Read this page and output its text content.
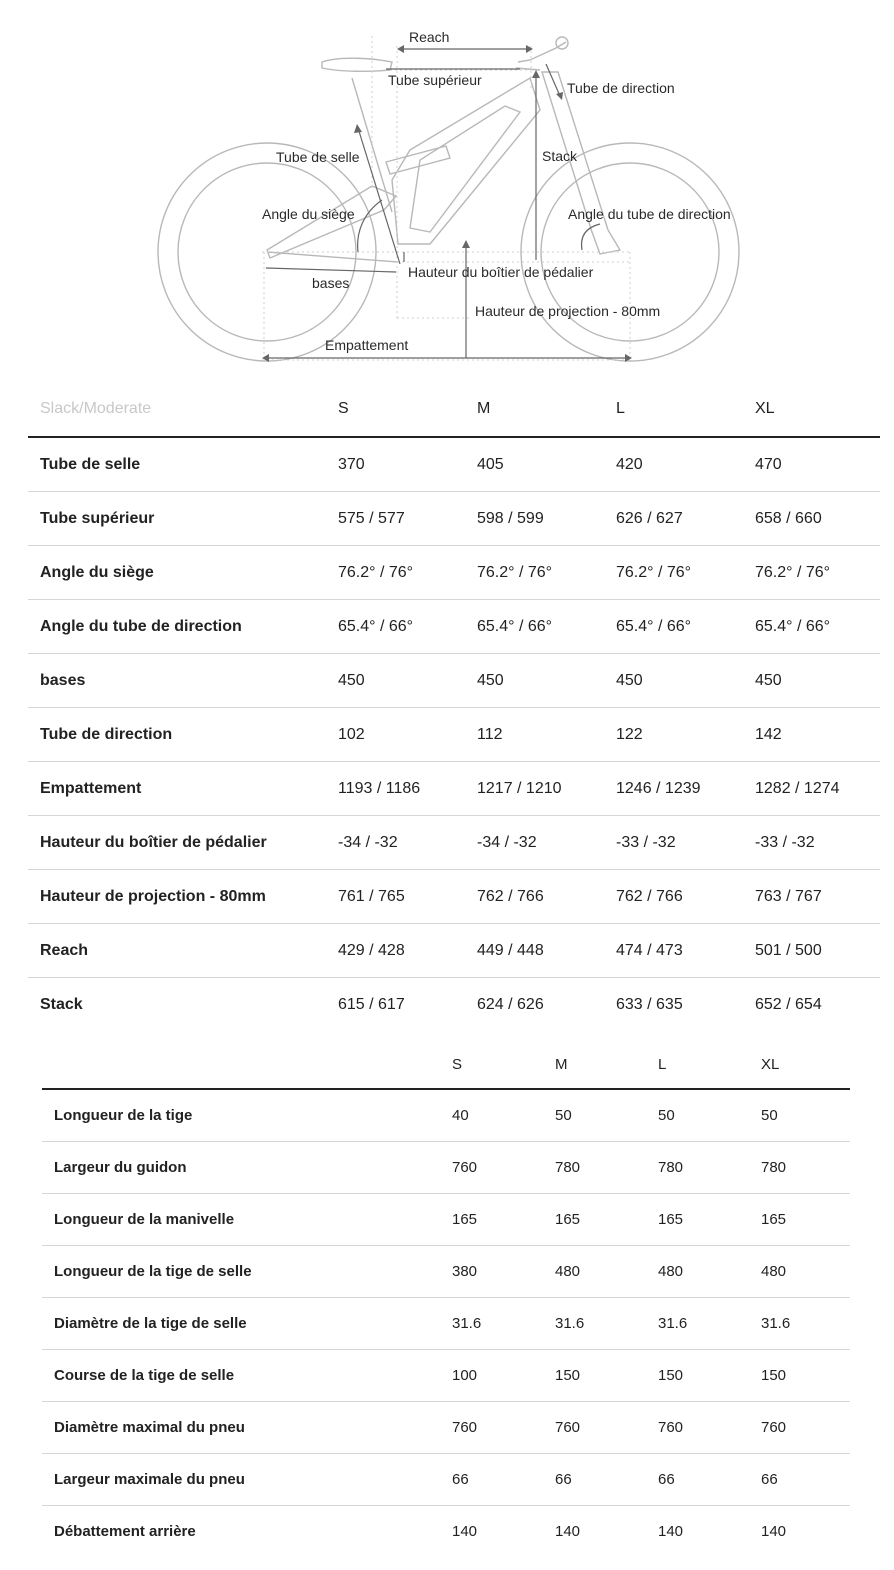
Reach
Tube supérieur	Tube de direction
Tube de selle	Stack
Angle du siège	Angle du tube de direction
bases
Hauteur du boîtier de pédalier
Hauteur de projection - 80mm
Empattement
Slack/Moderate	S	M	L	XL
Tube de selle	370	405	420	470
Tube supérieur	575 / 577	598 / 599	626 / 627	658 / 660
Angle du siège	76.2° / 76°	76.2° / 76°	76.2° / 76°	76.2° / 76°
Angle du tube de direction	65.4° / 66°	65.4° / 66°	65.4° / 66°	65.4° / 66°
bases	450	450	450	450
Tube de direction	102	112	122	142
Empattement	1193 / 1186	1217 / 1210	1246 / 1239	1282 / 1274
Hauteur du boîtier de pédalier	-34 / -32	-34 / -32	-33 / -32	-33 / -32
Hauteur de projection - 80mm	761 / 765	762 / 766	762 / 766	763 / 767
Reach	429 / 428	449 / 448	474 / 473	501 / 500
Stack	615 / 617	624 / 626	633 / 635	652 / 654
	S	M	L	XL
Longueur de la tige	40	50	50	50
Largeur du guidon	760	780	780	780
Longueur de la manivelle	165	165	165	165
Longueur de la tige de selle	380	480	480	480
Diamètre de la tige de selle	31.6	31.6	31.6	31.6
Course de la tige de selle	100	150	150	150
Diamètre maximal du pneu	760	760	760	760
Largeur maximale du pneu	66	66	66	66
Débattement arrière	140	140	140	140
